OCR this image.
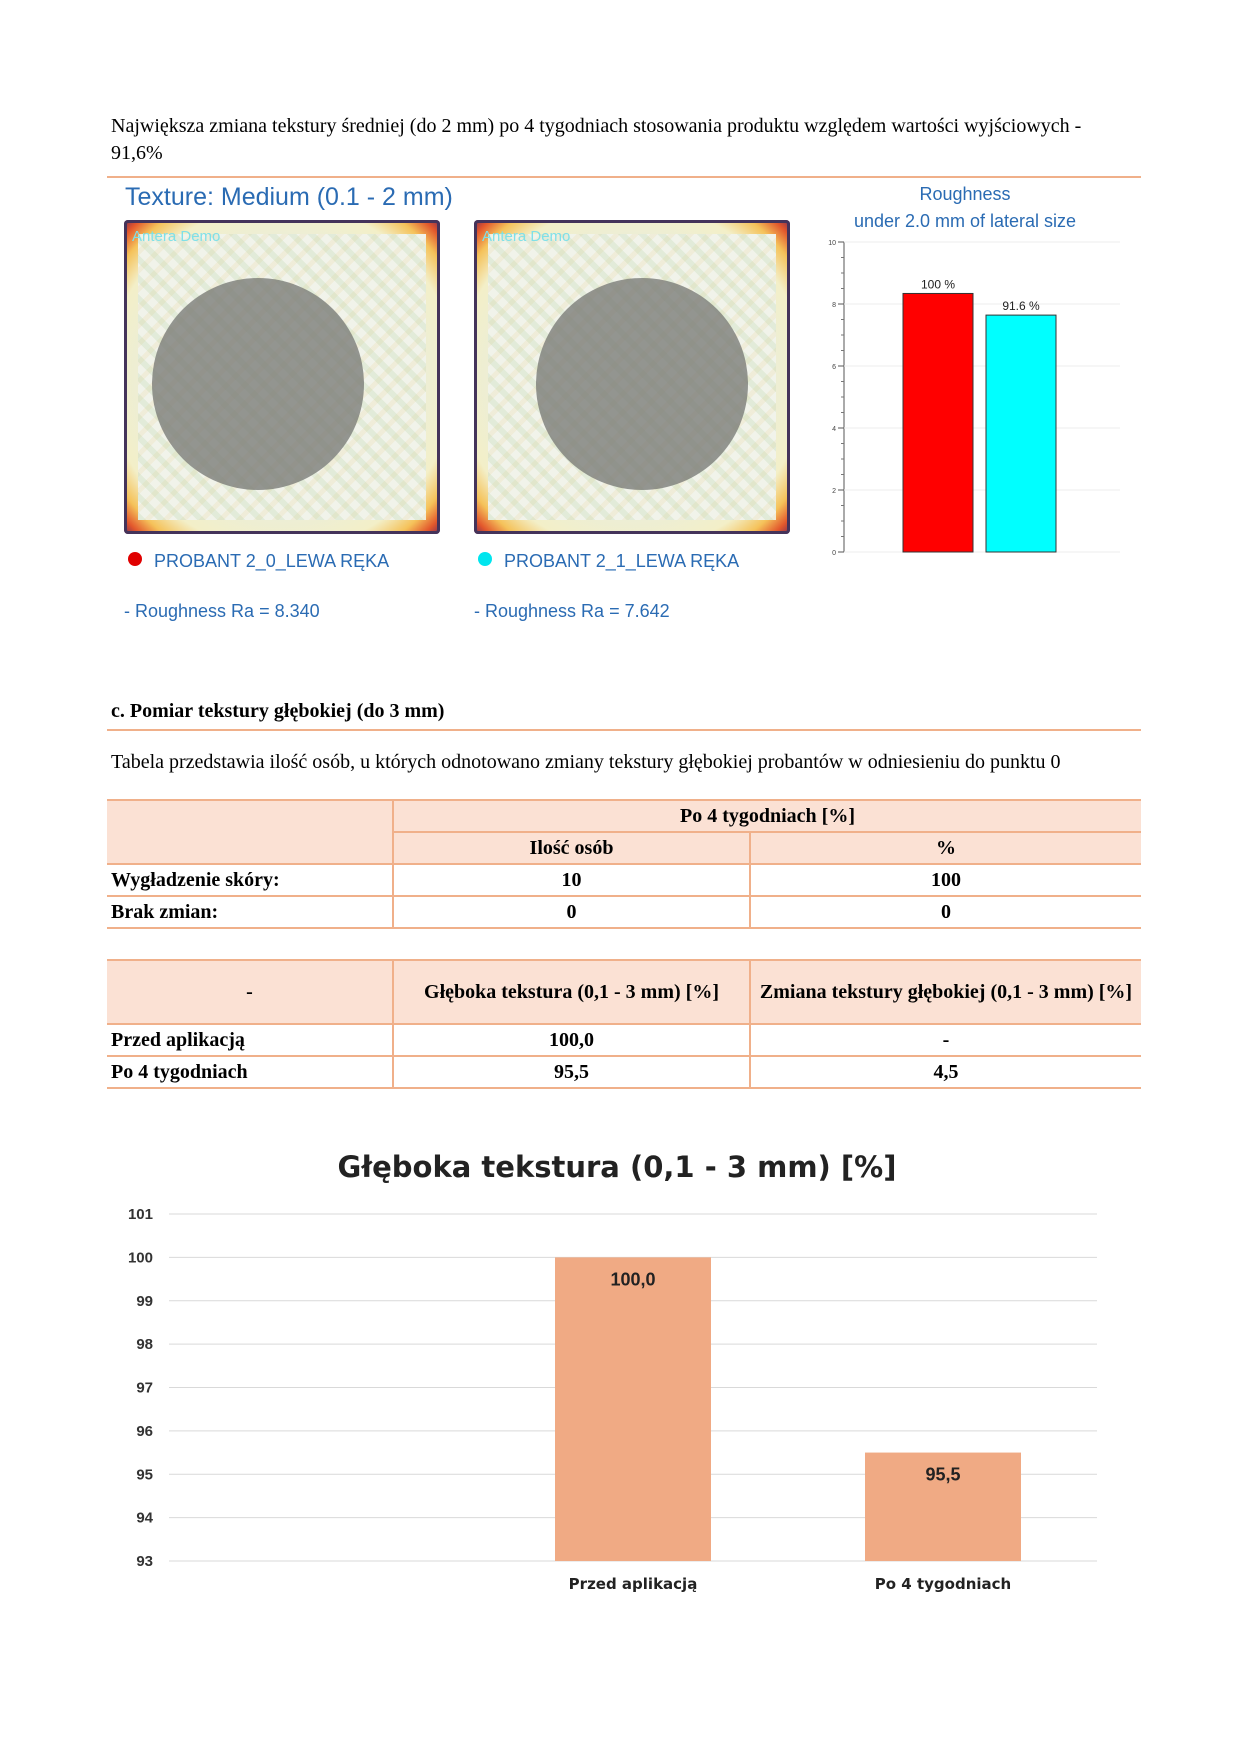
Największa zmiana tekstury średniej (do 2 mm) po 4 tygodniach stosowania produktu względem wartości wyjściowych - 91,6%
Texture: Medium (0.1 - 2 mm)
Antera Demo	Antera Demo
PROBANT 2_0_LEWA RĘKA	PROBANT 2_1_LEWA RĘKA
- Roughness Ra = 8.340	- Roughness Ra = 7.642
Roughness
under 2.0 mm of lateral size
0
2
4
6
8
10
100 %
91.6 %
c. Pomiar tekstury głębokiej (do 3 mm)
Tabela przedstawia ilość osób, u których odnotowano zmiany tekstury głębokiej probantów w odniesieniu do punktu 0
	Po 4 tygodniach [%]	
	Ilość osób	%
Wygładzenie skóry:	10	100
Brak zmian:	0	0
-	Głęboka tekstura (0,1 - 3 mm) [%]	Zmiana tekstury głębokiej (0,1 - 3 mm) [%]
Przed aplikacją	100,0	-
Po 4 tygodniach	95,5	4,5
Głęboka tekstura (0,1 - 3 mm) [%]
93
94
95
96
97
98
99
100
101
100,0
Przed aplikacją
95,5
Po 4 tygodniach
